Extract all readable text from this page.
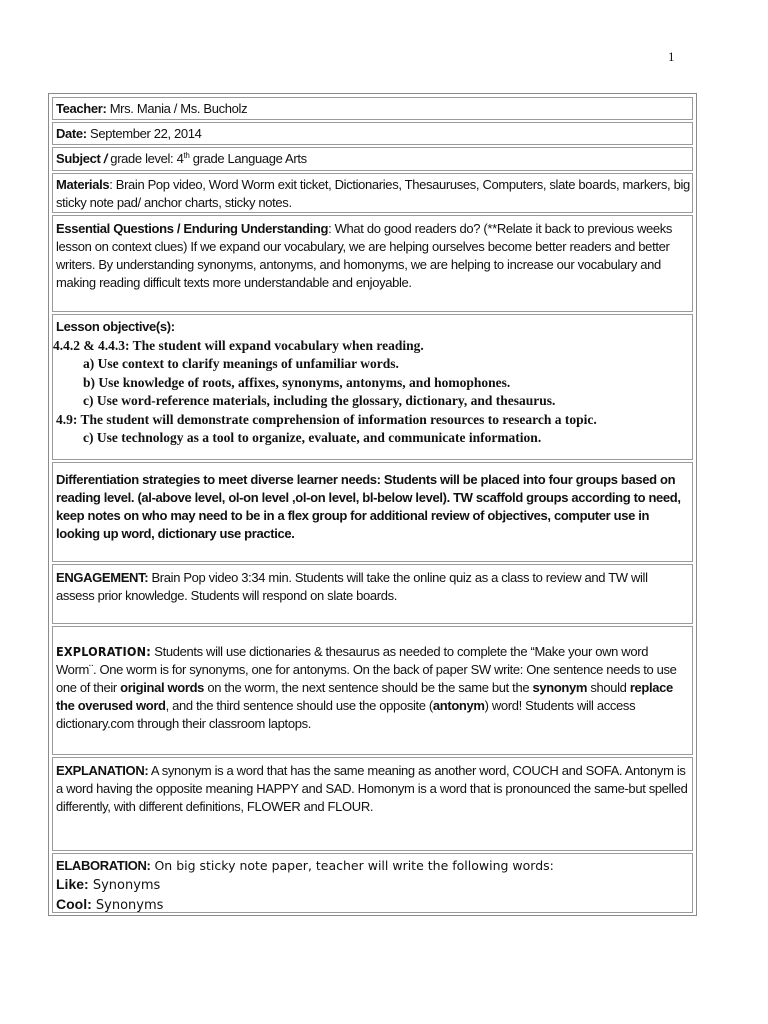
1
Teacher: Mrs. Mania / Ms. Bucholz
Date: September 22, 2014
Subject / grade level: 4th grade Language Arts
Materials: Brain Pop video, Word Worm exit ticket, Dictionaries, Thesauruses, Computers, slate boards, markers, big
sticky note pad/ anchor charts, sticky notes.
Essential Questions / Enduring Understanding: What do good readers do? (**Relate it back to previous weeks
lesson on context clues) If we expand our vocabulary, we are helping ourselves become better readers and better
writers. By understanding synonyms, antonyms, and homonyms, we are helping to increase our vocabulary and
making reading difficult texts more understandable and enjoyable.
Lesson objective(s):
4.4.2 & 4.4.3: The student will expand vocabulary when reading.
a) Use context to clarify meanings of unfamiliar words.
b) Use knowledge of roots, affixes, synonyms, antonyms, and homophones.
c) Use word-reference materials, including the glossary, dictionary, and thesaurus.
4.9: The student will demonstrate comprehension of information resources to research a topic.
c) Use technology as a tool to organize, evaluate, and communicate information.
Differentiation strategies to meet diverse learner needs: Students will be placed into four groups based on
reading level. (al-above level, ol-on level ,ol-on level, bl-below level). TW scaffold groups according to need,
keep notes on who may need to be in a flex group for additional review of objectives, computer use in
looking up word, dictionary use practice.
ENGAGEMENT: Brain Pop video 3:34 min. Students will take the online quiz as a class to review and TW will
assess prior knowledge. Students will respond on slate boards.
EXPLORATION: Students will use dictionaries & thesaurus as needed to complete the “Make your own word
Worm¨. One worm is for synonyms, one for antonyms. On the back of paper SW write: One sentence needs to use
one of their original words on the worm, the next sentence should be the same but the synonym should replace
the overused word, and the third sentence should use the opposite (antonym) word! Students will access
dictionary.com through their classroom laptops.
EXPLANATION: A synonym is a word that has the same meaning as another word, COUCH and SOFA. Antonym is
a word having the opposite meaning HAPPY and SAD. Homonym is a word that is pronounced the same-but spelled
differently, with different definitions, FLOWER and FLOUR.
ELABORATION: On big sticky note paper, teacher will write the following words:
Like: Synonyms
Cool: Synonyms
